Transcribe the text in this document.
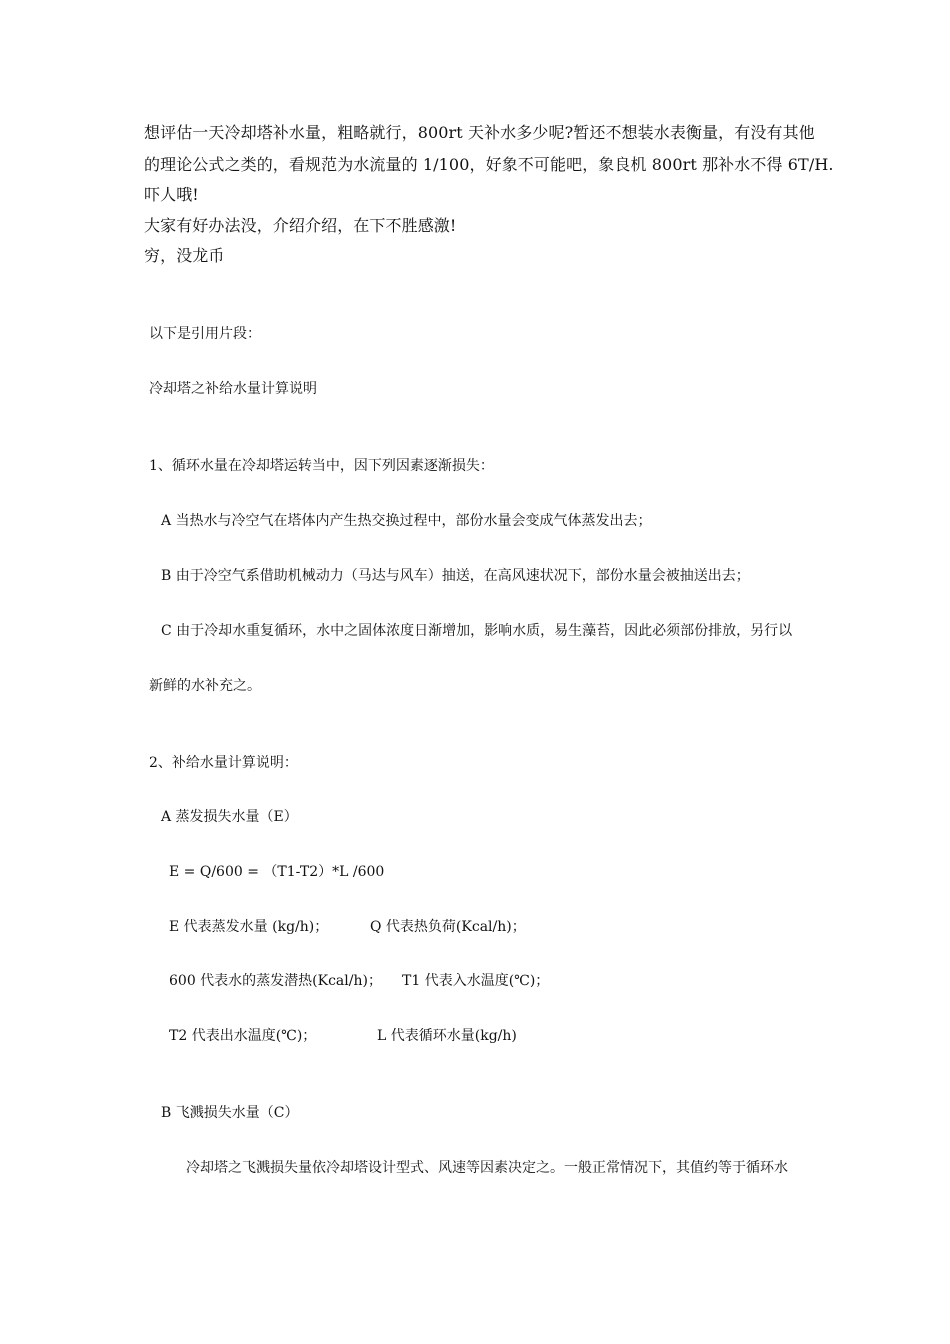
想评估一天冷却塔补水量，粗略就行，800rt 天补水多少呢?暂还不想装水表衡量，有没有其他

的理论公式之类的，看规范为水流量的 1/100，好象不可能吧，象良机 800rt 那补水不得 6T/H.

吓人哦!

大家有好办法没，介绍介绍，在下不胜感激!

穷，没龙币

以下是引用片段：

冷却塔之补给水量计算说明

1、循环水量在冷却塔运转当中，因下列因素逐渐损失：

A 当热水与冷空气在塔体内产生热交换过程中，部份水量会变成气体蒸发出去；

B 由于冷空气系借助机械动力（马达与风车）抽送，在高风速状况下，部份水量会被抽送出去；

C 由于冷却水重复循环，水中之固体浓度日渐增加，影响水质，易生藻苔，因此必须部份排放，另行以

新鲜的水补充之。

2、补给水量计算说明：

A 蒸发损失水量（E）

E = Q/600 = （T1-T2）*L /600

E 代表蒸发水量 (kg/h)；	Q 代表热负荷(Kcal/h)；

600 代表水的蒸发潜热(Kcal/h)； T1 代表入水温度(℃)；

T2 代表出水温度(℃)；	L 代表循环水量(kg/h)

B 飞溅损失水量（C）

冷却塔之飞溅损失量依冷却塔设计型式、风速等因素决定之。一般正常情况下，其值约等于循环水
